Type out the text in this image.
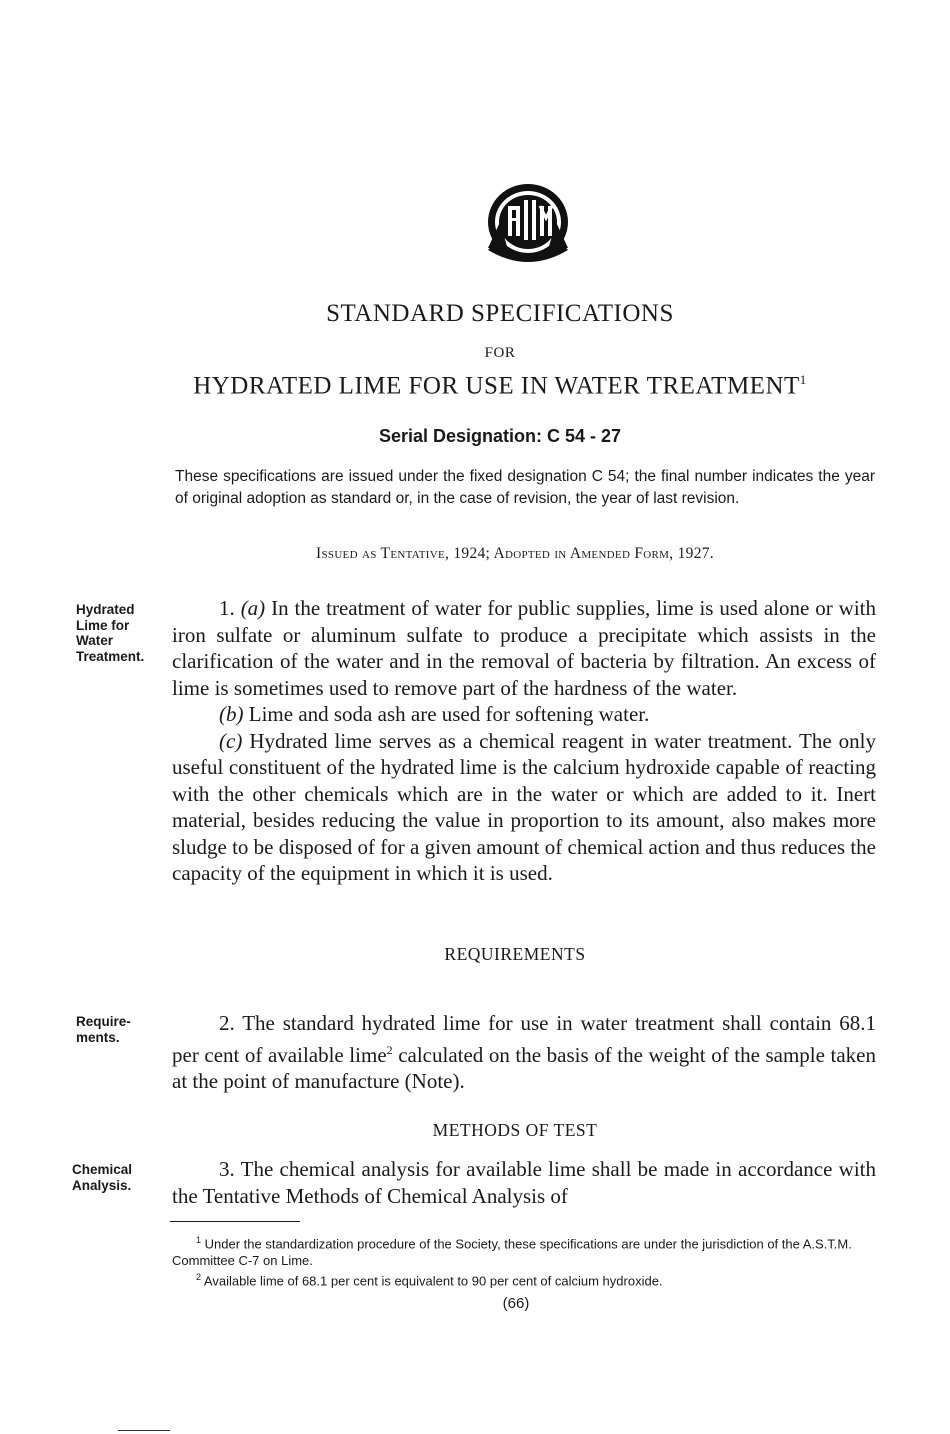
STANDARD SPECIFICATIONS
FOR
HYDRATED LIME FOR USE IN WATER TREATMENT$^1$
Serial Designation: C 54 - 27
These specifications are issued under the fixed designation C 54; the final number indicates the year of original adoption as standard or, in the case of revision, the year of last revision.
Issued as Tentative, 1924; Adopted in Amended Form, 1927.
Hydrated
Lime for
Water
Treatment.

1. (a) In the treatment of water for public supplies, lime is used alone or with iron sulfate or aluminum sulfate to produce a precipitate which assists in the clarification of the water and in the removal of bacteria by filtration. An excess of lime is sometimes used to remove part of the hardness of the water.

(b) Lime and soda ash are used for softening water.

(c) Hydrated lime serves as a chemical reagent in water treatment. The only useful constituent of the hydrated lime is the calcium hydroxide capable of reacting with the other chemicals which are in the water or which are added to it. Inert material, besides reducing the value in proportion to its amount, also makes more sludge to be disposed of for a given amount of chemical action and thus reduces the capacity of the equipment in which it is used.

REQUIREMENTS
Require-
ments.

2. The standard hydrated lime for use in water treatment shall contain 68.1 per cent of available lime$^2$ calculated on the basis of the weight of the sample taken at the point of manufacture (Note).

METHODS OF TEST
Chemical
Analysis.

3. The chemical analysis for available lime shall be made in accordance with the Tentative Methods of Chemical Analysis of

$^1$ Under the standardization procedure of the Society, these specifications are under the jurisdiction of the A.S.T.M. Committee C-7 on Lime.

$^2$ Available lime of 68.1 per cent is equivalent to 90 per cent of calcium hydroxide.

(66)
